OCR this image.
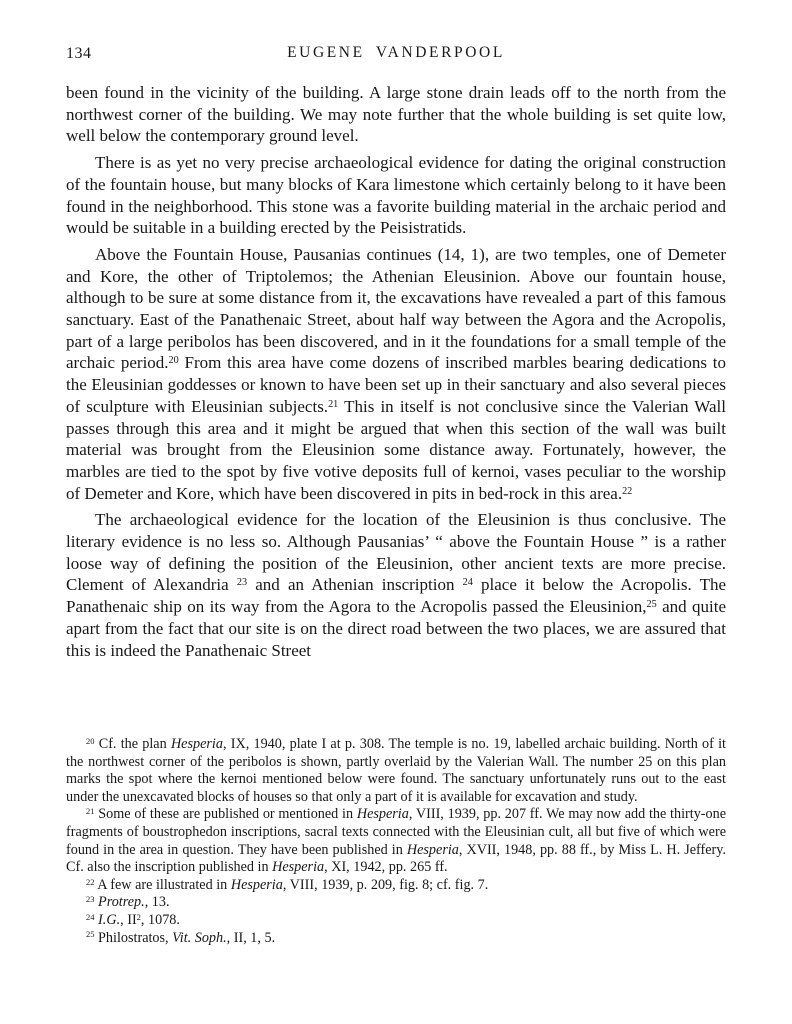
134	EUGENE VANDERPOOL

been found in the vicinity of the building. A large stone drain leads off to the north from the northwest corner of the building. We may note further that the whole building is set quite low, well below the contemporary ground level.

There is as yet no very precise archaeological evidence for dating the original construction of the fountain house, but many blocks of Kara limestone which certainly belong to it have been found in the neighborhood. This stone was a favorite building material in the archaic period and would be suitable in a building erected by the Peisistratids.

Above the Fountain House, Pausanias continues (14, 1), are two temples, one of Demeter and Kore, the other of Triptolemos; the Athenian Eleusinion. Above our fountain house, although to be sure at some distance from it, the excavations have revealed a part of this famous sanctuary. East of the Panathenaic Street, about half way between the Agora and the Acropolis, part of a large peribolos has been discovered, and in it the foundations for a small temple of the archaic period.$^{20}$ From this area have come dozens of inscribed marbles bearing dedications to the Eleusinian goddesses or known to have been set up in their sanctuary and also several pieces of sculpture with Eleusinian subjects.$^{21}$ This in itself is not conclusive since the Valerian Wall passes through this area and it might be argued that when this section of the wall was built material was brought from the Eleusinion some distance away. Fortunately, however, the marbles are tied to the spot by five votive deposits full of kernoi, vases peculiar to the worship of Demeter and Kore, which have been discovered in pits in bed-rock in this area.$^{22}$

The archaeological evidence for the location of the Eleusinion is thus conclusive. The literary evidence is no less so. Although Pausanias’ “ above the Fountain House ” is a rather loose way of defining the position of the Eleusinion, other ancient texts are more precise. Clement of Alexandria $^{23}$ and an Athenian inscription $^{24}$ place it below the Acropolis. The Panathenaic ship on its way from the Agora to the Acropolis passed the Eleusinion,$^{25}$ and quite apart from the fact that our site is on the direct road between the two places, we are assured that this is indeed the Panathenaic Street

$^{20}$ Cf. the plan Hesperia, IX, 1940, plate I at p. 308. The temple is no. 19, labelled archaic building. North of it the northwest corner of the peribolos is shown, partly overlaid by the Valerian Wall. The number 25 on this plan marks the spot where the kernoi mentioned below were found. The sanctuary unfortunately runs out to the east under the unexcavated blocks of houses so that only a part of it is available for excavation and study.

$^{21}$ Some of these are published or mentioned in Hesperia, VIII, 1939, pp. 207 ff. We may now add the thirty-one fragments of boustrophedon inscriptions, sacral texts connected with the Eleusinian cult, all but five of which were found in the area in question. They have been published in Hesperia, XVII, 1948, pp. 88 ff., by Miss L. H. Jeffery. Cf. also the inscription published in Hesperia, XI, 1942, pp. 265 ff.

$^{22}$ A few are illustrated in Hesperia, VIII, 1939, p. 209, fig. 8; cf. fig. 7.

$^{23}$ Protrep., 13.

$^{24}$ I.G., $II^2$, 1078.

$^{25}$ Philostratos, Vit. Soph., II, 1, 5.
